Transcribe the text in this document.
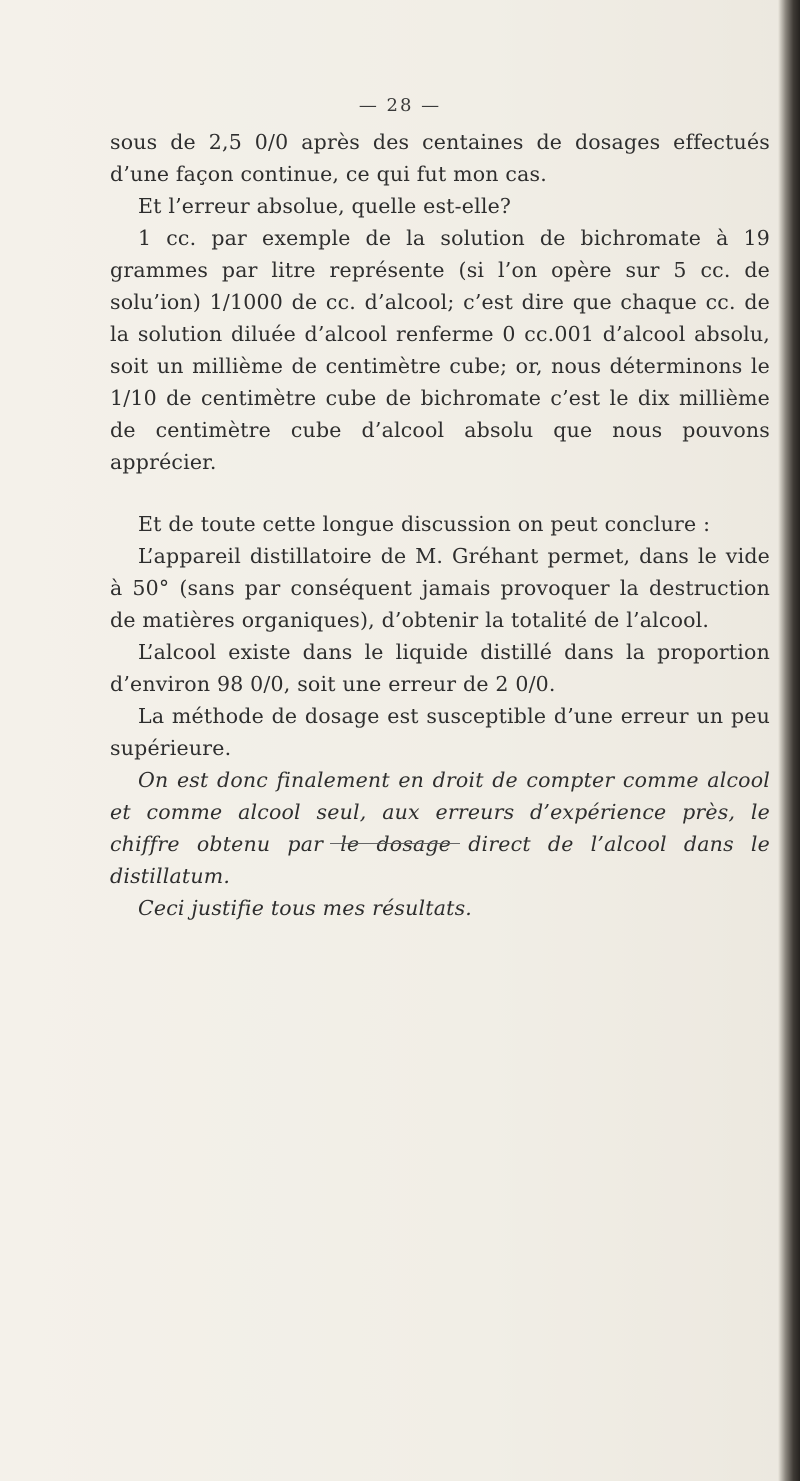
— 28 —

sous de 2,5 0/0 après des centaines de dosages effectués d’une façon continue, ce qui fut mon cas.

Et l’erreur absolue, quelle est-elle?

1 cc. par exemple de la solution de bichromate à 19 grammes par litre représente (si l’on opère sur 5 cc. de solu’ion) 1/1000 de cc. d’alcool; c’est dire que chaque cc. de la solution diluée d’alcool renferme 0 cc.001 d’alcool absolu, soit un millième de centimètre cube; or, nous déterminons le 1/10 de centimètre cube de bichromate c’est le dix millième de centimètre cube d’alcool absolu que nous pouvons apprécier.

Et de toute cette longue discussion on peut conclure :

L’appareil distillatoire de M. Gréhant permet, dans le vide à 50° (sans par conséquent jamais provoquer la destruction de matières organiques), d’obtenir la totalité de l’alcool.

L’alcool existe dans le liquide distillé dans la proportion d’environ 98 0/0, soit une erreur de 2 0/0.

La méthode de dosage est susceptible d’une erreur un peu supérieure.

On est donc finalement en droit de compter comme alcool et comme alcool seul, aux erreurs d’expérience près, le chiffre obtenu par le dosage direct de l’alcool dans le distillatum.

Ceci justifie tous mes résultats.
